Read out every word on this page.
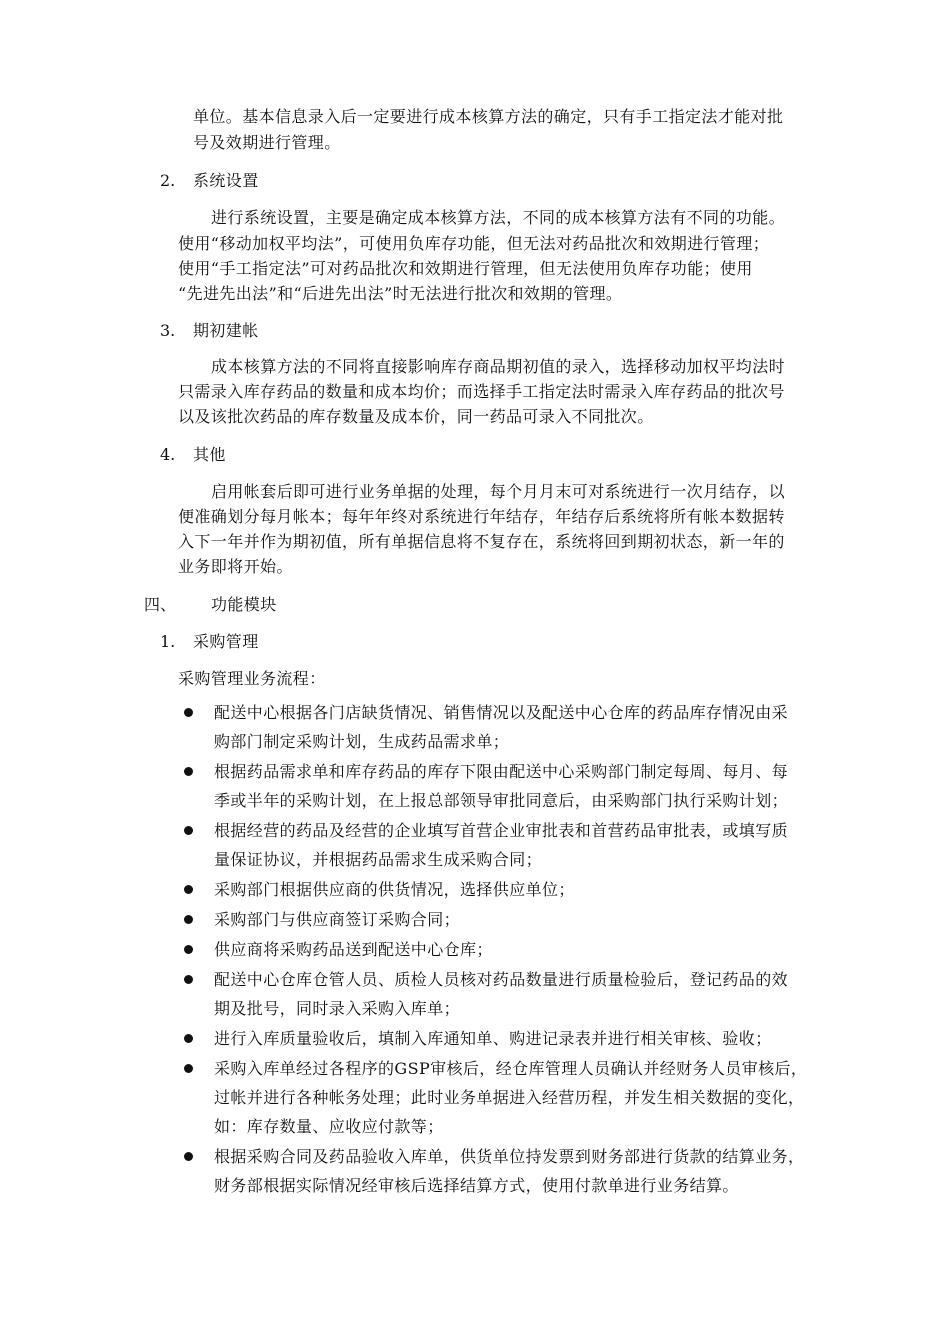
单位。基本信息录入后一定要进行成本核算方法的确定，只有手工指定法才能对批
号及效期进行管理。
2. 系统设置
进行系统设置，主要是确定成本核算方法，不同的成本核算方法有不同的功能。
使用“移动加权平均法”，可使用负库存功能，但无法对药品批次和效期进行管理；
使用“手工指定法”可对药品批次和效期进行管理，但无法使用负库存功能；使用
“先进先出法”和“后进先出法”时无法进行批次和效期的管理。
3. 期初建帐
成本核算方法的不同将直接影响库存商品期初值的录入，选择移动加权平均法时
只需录入库存药品的数量和成本均价；而选择手工指定法时需录入库存药品的批次号
以及该批次药品的库存数量及成本价，同一药品可录入不同批次。
4. 其他
启用帐套后即可进行业务单据的处理，每个月月末可对系统进行一次月结存，以
便准确划分每月帐本；每年年终对系统进行年结存，年结存后系统将所有帐本数据转
入下一年并作为期初值，所有单据信息将不复存在，系统将回到期初状态，新一年的
业务即将开始。
四、 功能模块
1. 采购管理
采购管理业务流程：
配送中心根据各门店缺货情况、销售情况以及配送中心仓库的药品库存情况由采
购部门制定采购计划，生成药品需求单；
根据药品需求单和库存药品的库存下限由配送中心采购部门制定每周、每月、每
季或半年的采购计划，在上报总部领导审批同意后，由采购部门执行采购计划；
根据经营的药品及经营的企业填写首营企业审批表和首营药品审批表，或填写质
量保证协议，并根据药品需求生成采购合同；
采购部门根据供应商的供货情况，选择供应单位；
采购部门与供应商签订采购合同；
供应商将采购药品送到配送中心仓库；
配送中心仓库仓管人员、质检人员核对药品数量进行质量检验后，登记药品的效
期及批号，同时录入采购入库单；
进行入库质量验收后，填制入库通知单、购进记录表并进行相关审核、验收；
采购入库单经过各程序的GSP审核后，经仓库管理人员确认并经财务人员审核后，
过帐并进行各种帐务处理；此时业务单据进入经营历程，并发生相关数据的变化，
如：库存数量、应收应付款等；
根据采购合同及药品验收入库单，供货单位持发票到财务部进行货款的结算业务，
财务部根据实际情况经审核后选择结算方式，使用付款单进行业务结算。
